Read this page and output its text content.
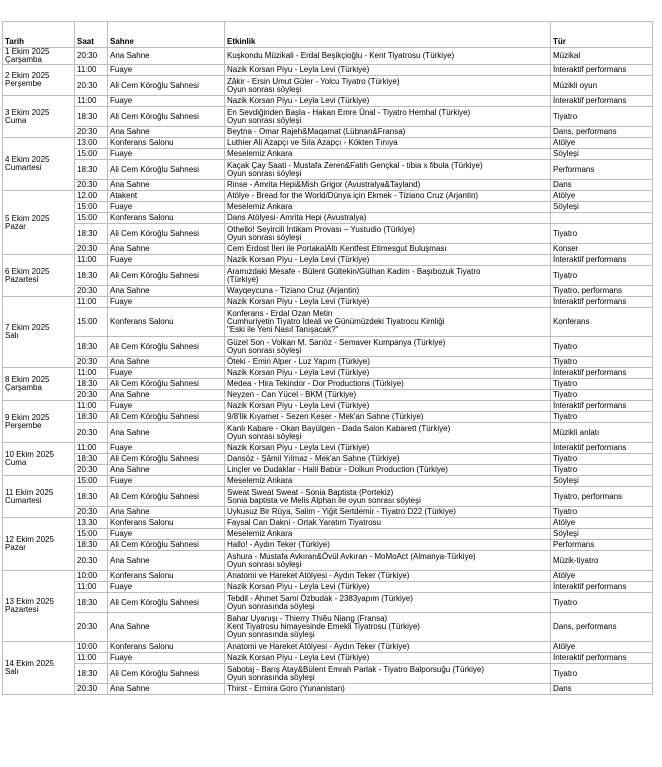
Tarih	Saat	Sahne	Etkinlik	Tür

1 Ekim 2025
Çarşamba	20:30	Ana Sahne	Kuşkondu Müzikali - Erdal Beşikçioğlu - Kent Tiyatrosu (Türkiye)	Müzikal

2 Ekim 2025
Perşembe	11:00	Fuaye	Nazik Korsan Piyu - Leyla Levi (Türkiye)	İnteraktif performans
	20:30	Ali Cem Köroğlu Sahnesi	Zâkir - Ersin Umut Güler - Yolcu Tiyatro (Türkiye)
Oyun sonrası söyleşi	Müzikli oyun

3 Ekim 2025
Cuma	11:00	Fuaye	Nazik Korsan Piyu - Leyla Levi (Türkiye)	İnteraktif performans
	18:30	Ali Cem Köroğlu Sahnesi	En Sevdiğinden Başla - Hakan Emre Ünal - Tiyatro Hemhal (Türkiye)
Oyun sonrası söyleşi	Tiyatro
	20:30	Ana Sahne	Beytna - Omar Rajeh&Maqamat (Lübnan&Fransa)	Dans, performans

4 Ekim 2025
Cumartesi	13.00	Konferans Salonu	Luthier Ali Azapçı ve Sıla Azapçı - Kökten Tınıya	Atölye
	15:00	Fuaye	Meselemiz Ankara	Söyleşi
	18:30	Ali Cem Köroğlu Sahnesi	Kaçak Çay Saati - Mustafa Zeren&Fatih Gençkal - tibia x fibula (Türkiye)
Oyun sonrası söyleşi	Performans
	20:30	Ana Sahne	Rinse - Amrita Hepi&Mish Grigor (Avustralya&Tayland)	Dans

5 Ekim 2025
Pazar	12.00	Atakent	Atölye - Bread for the World/Dünya için Ekmek - Tiziano Cruz (Arjantin)	Atölye
	15:00	Fuaye	Meselemiz Ankara	Söyleşi
	15:00	Konferans Salonu	Dans Atölyesi- Amrita Hepi (Avustralya)	

	18:30	Ali Cem Köroğlu Sahnesi	Othello! Seyircili İntikam Provası – Yustudio (Türkiye)
Oyun sonrası söyleşi	Tiyatro
	20:30	Ana Sahne	Cem Erdost İleri ile PortakalAltı Kentfest Etimesgut Buluşması	Konser

6 Ekim 2025
Pazartesi	11:00	Fuaye	Nazik Korsan Piyu - Leyla Levi (Türkiye)	İnteraktif performans
	18:30	Ali Cem Köroğlu Sahnesi	Aramızdaki Mesafe - Bülent Gültekin/Gülhan Kadim - Başıbozuk Tiyatro
(Türkiye)	Tiyatro
	20:30	Ana Sahne	Wayqeycuna - Tiziano Cruz (Arjantin)	Tiyatro, performans

7 Ekim 2025
Salı	11:00	Fuaye	Nazik Korsan Piyu - Leyla Levi (Türkiye)	İnteraktif performans
	15:00	Konferans Salonu	Konferans - Erdal Ozan Metin
Cumhuriyetin Tiyatro İdeali ve Günümüzdeki Tiyatrocu Kimliği
"Eski ile Yeni Nasıl Tanışacak?"	Konferans
	18:30	Ali Cem Köroğlu Sahnesi	Güzel Son - Volkan M. Sarıöz - Semaver Kumpanya (Türkiye)
Oyun sonrası söyleşi	Tiyatro
	20:30	Ana Sahne	Öteki - Emin Alper - Luz Yapım (Türkiye)	Tiyatro

8 Ekim 2025
Çarşamba	11:00	Fuaye	Nazik Korsan Piyu - Leyla Levi (Türkiye)	İnteraktif performans
	18:30	Ali Cem Köroğlu Sahnesi	Medea - Hira Tekindor - Dor Productions (Türkiye)	Tiyatro
	20:30	Ana Sahne	Neyzen - Can Yücel - BKM (Türkiye)	Tiyatro

9 Ekim 2025
Perşembe	11:00	Fuaye	Nazik Korsan Piyu - Leyla Levi (Türkiye)	İnteraktif performans
	18:30	Ali Cem Köroğlu Sahnesi	9/8'lik Kıyamet - Sezen Keser - Mek'an Sahne (Türkiye)	Tiyatro
	20:30	Ana Sahne	Kanlı Kabare - Okan Bayülgen - Dada Salon Kabarett (Türkiye)
Oyun sonrası söyleşi	Müzikli anlatı

10 Ekim 2025
Cuma	11:00	Fuaye	Nazik Korsan Piyu - Leyla Levi (Türkiye)	İnteraktif performans
	18:30	Ali Cem Köroğlu Sahnesi	Dansöz - Şâmil Yılmaz - Mek'an Sahne (Türkiye)	Tiyatro
	20:30	Ana Sahne	Linçler ve Dudaklar - Halil Babür - Dolkun Production (Türkiye)	Tiyatro

11 Ekim 2025
Cumartesi	15:00	Fuaye	Meselemiz Ankara	Söyleşi
	18:30	Ali Cem Köroğlu Sahnesi	Sweat Sweat Sweat - Sonia Baptista (Portekiz)
Sonia baptista ve Melis Alphan ile oyun sonrası söyleşi	Tiyatro, performans
	20:30	Ana Sahne	Uykusuz Bir Rüya, Salim - Yiğit Sertdemir - Tiyatro D22 (Türkiye)	Tiyatro

12 Ekim 2025
Pazar	13.30	Konferans Salonu	Faysal Can Dakni - Ortak Yaratım Tiyatrosu	Atölye
	15:00	Fuaye	Meselemiz Ankara	Söyleşi
	18:30	Ali Cem Köroğlu Sahnesi	Hallo! - Aydın Teker (Türkiye)	Performans
	20:30	Ana Sahne	Ashura - Mustafa Avkıran&Övül Avkıran - MoMoAct (Almanya-Türkiye)
Oyun sonrası söyleşi	Müzik-tiyatro

13 Ekim 2025
Pazartesi	10:00	Konferans Salonu	Anatomi ve Hareket Atölyesi - Aydın Teker (Türkiye)	Atölye
	11:00	Fuaye	Nazik Korsan Piyu - Leyla Levi (Türkiye)	İnteraktif performans
	18:30	Ali Cem Köroğlu Sahnesi	Tebdil - Ahmet Sami Özbudak - 2383yapım (Türkiye)
Oyun sonrasında söyleşi	Tiyatro
	20:30	Ana Sahne	Bahar Uyanışı - Thierry Thiêu Niang (Fransa)
Kent Tiyatrosu himayesinde Emekli Tiyatrosu (Türkiye)
Oyun sonrasında söyleşi	Dans, performans

14 Ekim 2025
Salı	10:00	Konferans Salonu	Anatomi ve Hareket Atölyesi - Aydın Teker (Türkiye)	Atölye
	11:00	Fuaye	Nazik Korsan Piyu - Leyla Levi (Türkiye)	İnteraktif performans
	18:30	Ali Cem Köroğlu Sahnesi	Sabotaj - Barış Atay&Bülent Emrah Parlak - Tiyatro Balporsuğu (Türkiye)
Oyun sonrasında söyleşi	Tiyatro
	20:30	Ana Sahne	Thirst - Ermira Goro (Yunanistan)	Dans
